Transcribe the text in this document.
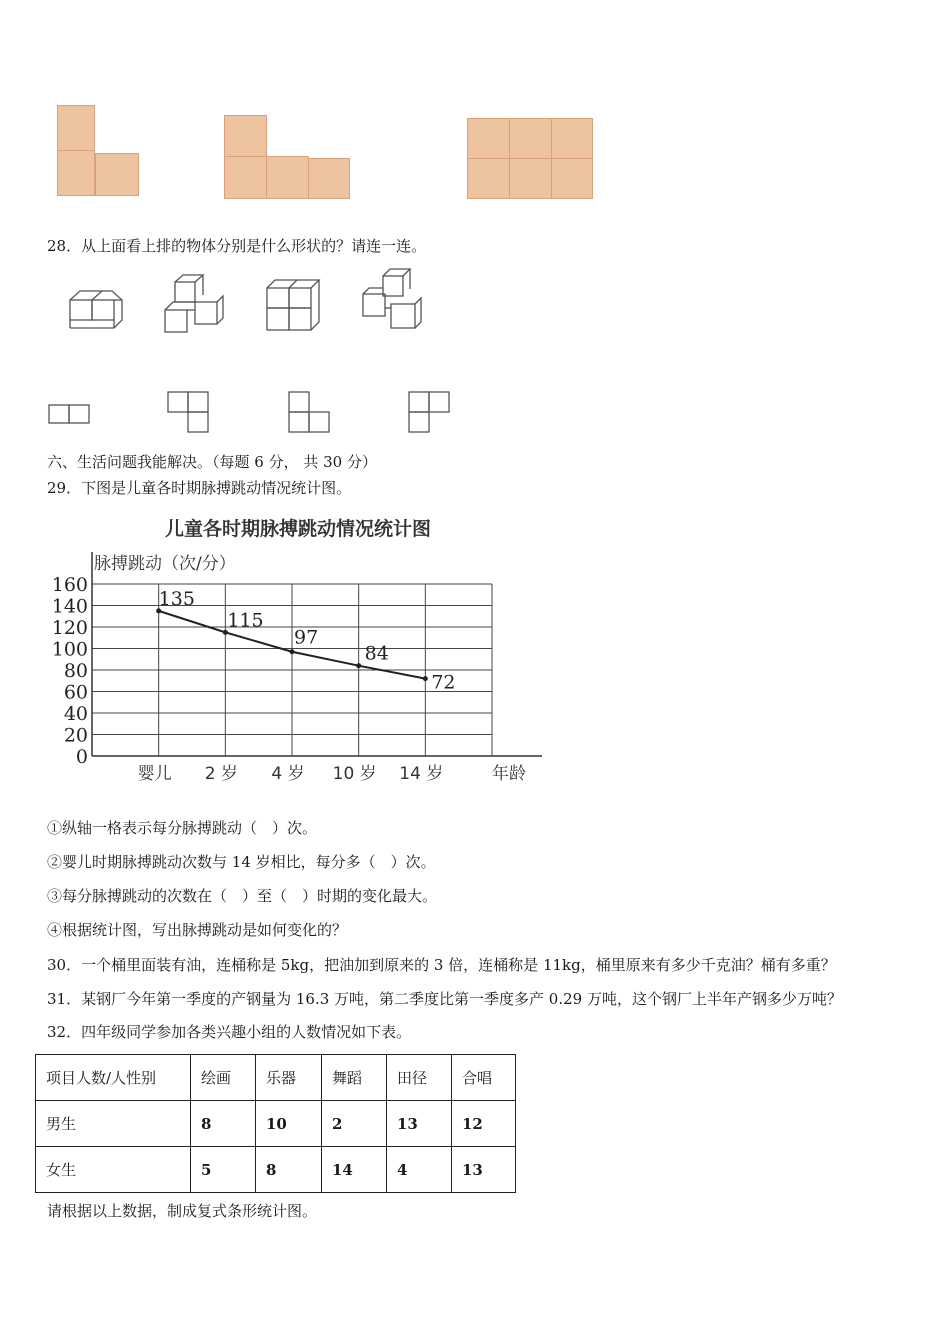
28．从上面看上排的物体分别是什么形状的？请连一连。
六、生活问题我能解决。（每题 6 分， 共 30 分）
29．下图是儿童各时期脉搏跳动情况统计图。
儿童各时期脉搏跳动情况统计图
脉搏跳动（次/分）
0
20
40
60
80
100
120
140
160
婴儿 2 岁 4 岁 10 岁 14 岁
135
115
97
84
72
年龄
①纵轴一格表示每分脉搏跳动（　）次。
②婴儿时期脉搏跳动次数与 14 岁相比，每分多（　）次。
③每分脉搏跳动的次数在（　）至（　）时期的变化最大。
④根据统计图，写出脉搏跳动是如何变化的？
30．一个桶里面装有油，连桶称是 5kg，把油加到原来的 3 倍，连桶称是 11kg，桶里原来有多少千克油？桶有多重？
31．某钢厂今年第一季度的产钢量为 16.3 万吨，第二季度比第一季度多产 0.29 万吨，这个钢厂上半年产钢多少万吨？
32．四年级同学参加各类兴趣小组的人数情况如下表。
项目人数/人性别	绘画	乐器	舞蹈	田径	合唱
男生	8	10	2	13	12
女生	5	8	14	4	13
请根据以上数据，制成复式条形统计图。
